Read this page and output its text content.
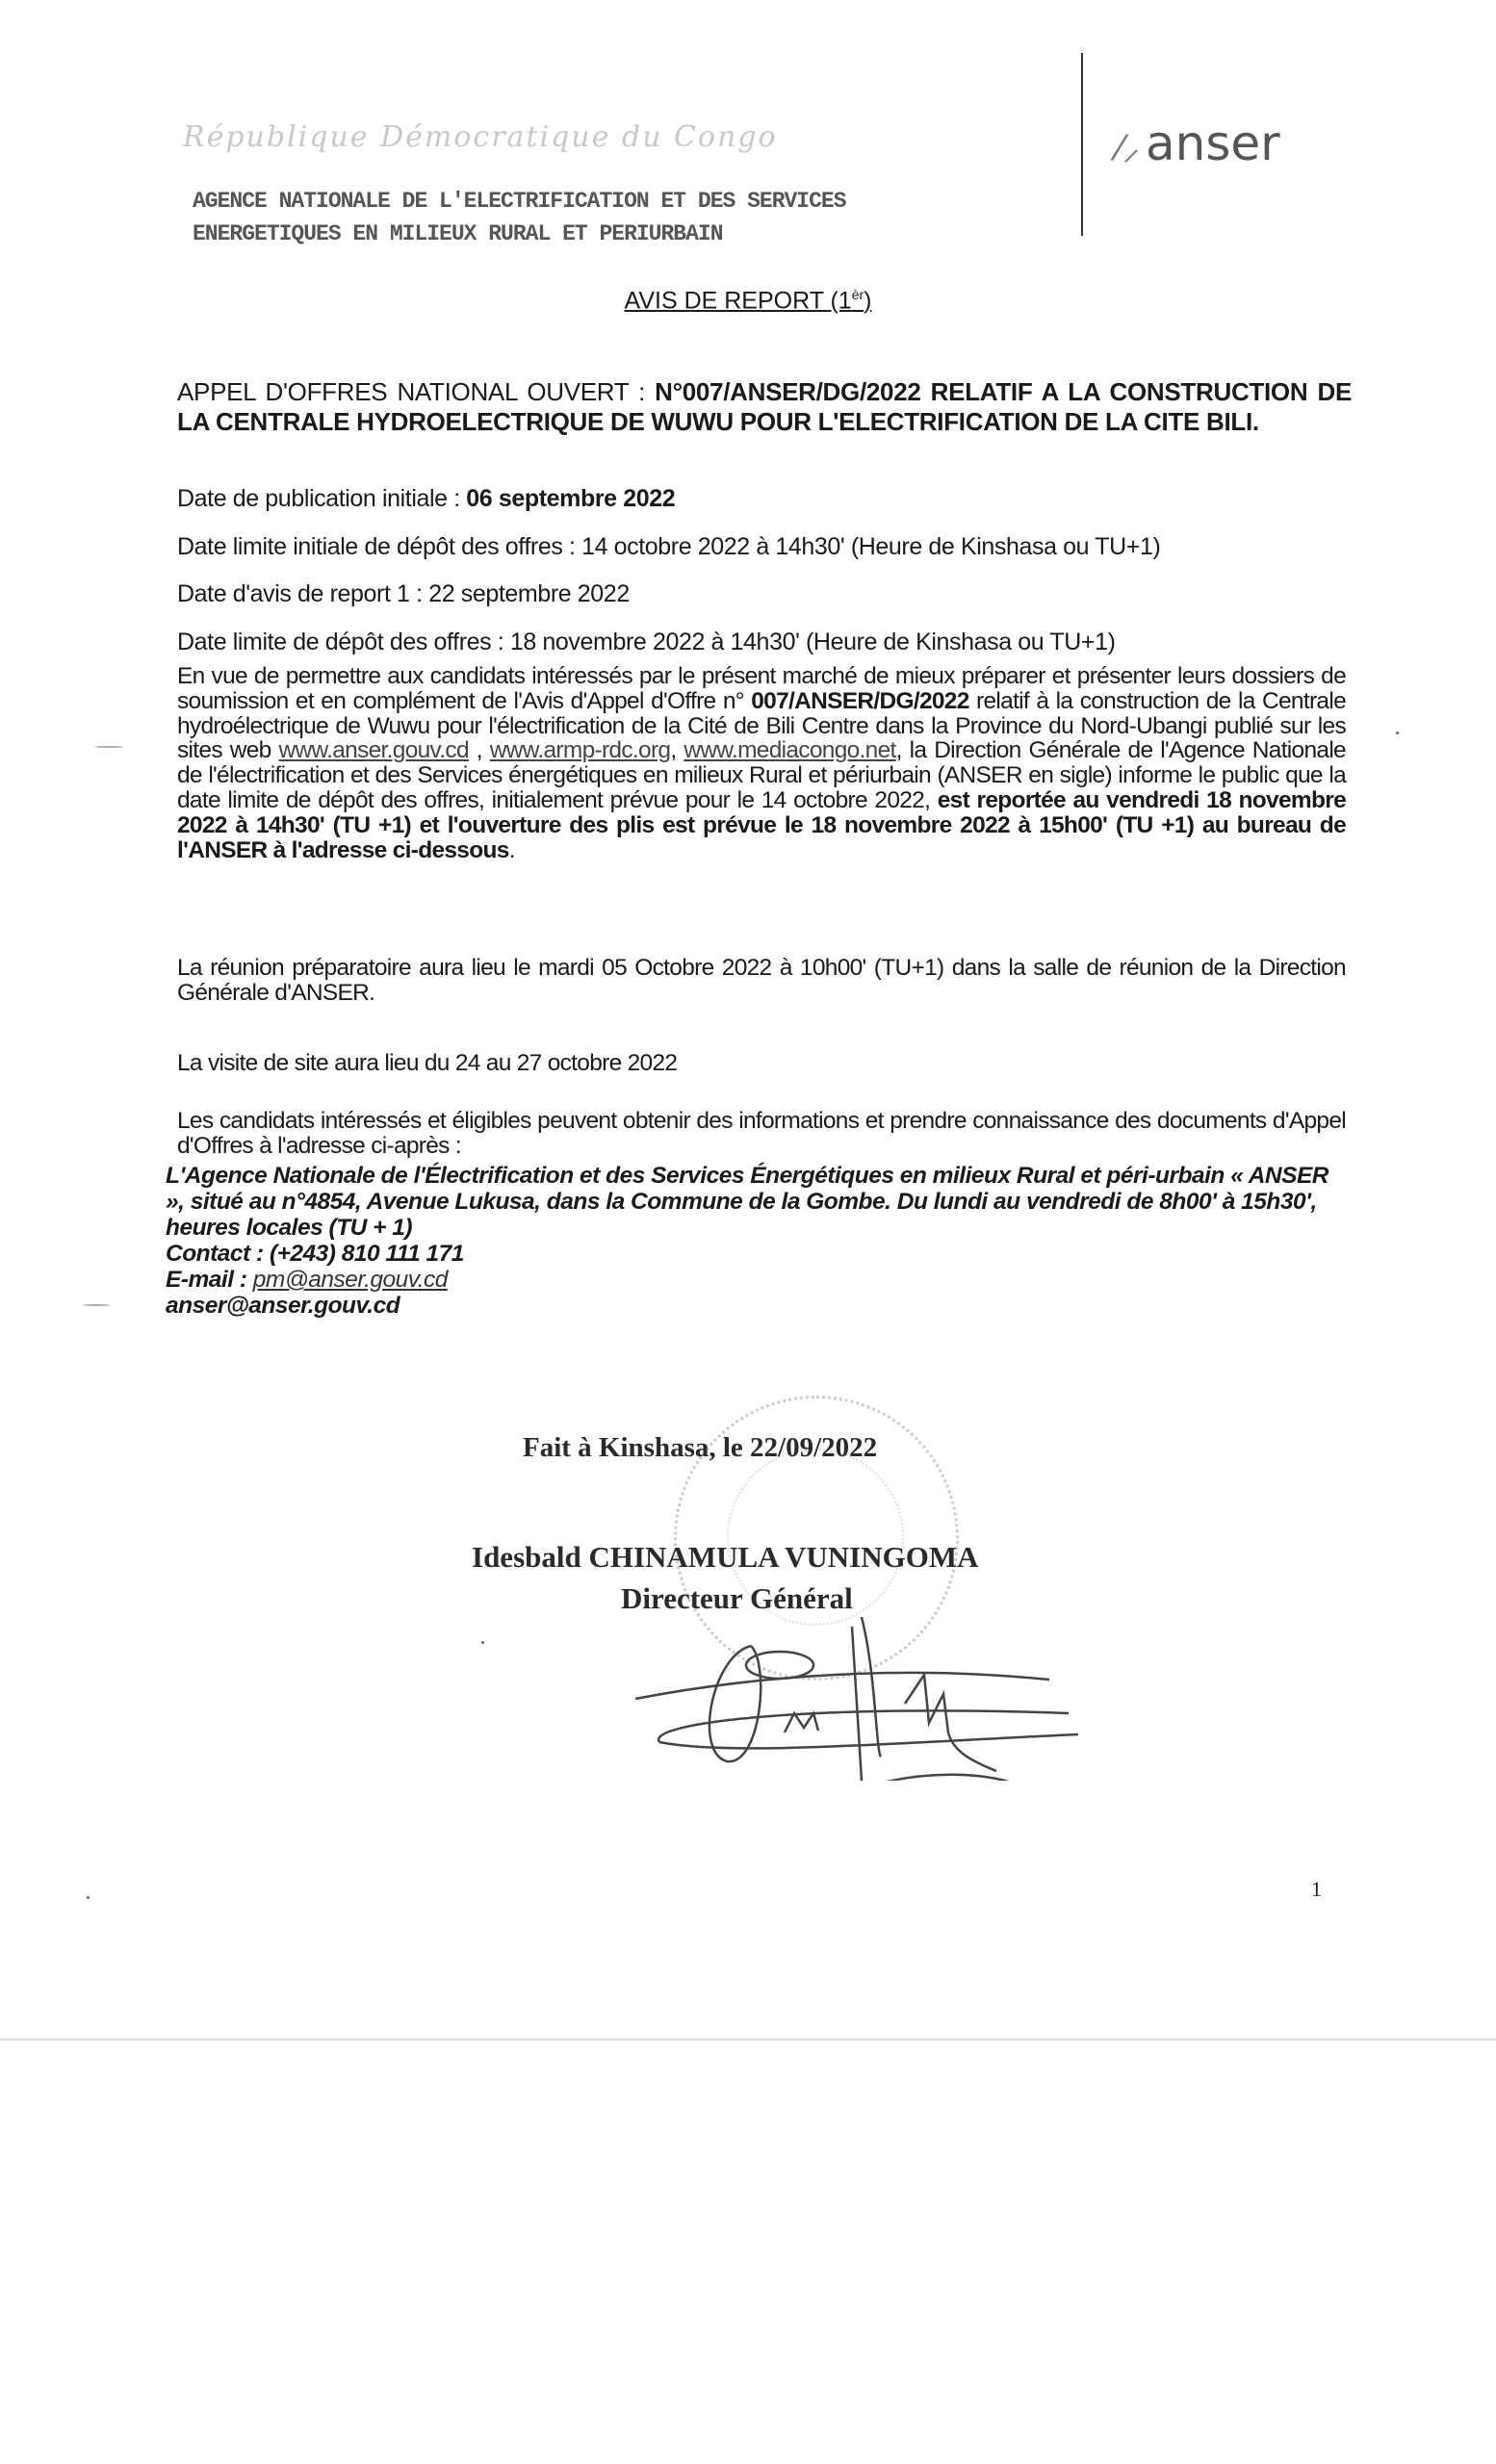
République Démocratique du Congo
AGENCE NATIONALE DE L'ELECTRIFICATION ET DES SERVICES
ENERGETIQUES EN MILIEUX RURAL ET PERIURBAIN
⁄⸝ anser
AVIS DE REPORT $(1^{èr})$
APPEL D'OFFRES NATIONAL OUVERT : N°007/ANSER/DG/2022 RELATIF A LA CONSTRUCTION DE LA CENTRALE HYDROELECTRIQUE DE WUWU POUR L'ELECTRIFICATION DE LA CITE BILI.
Date de publication initiale : 06 septembre 2022
Date limite initiale de dépôt des offres : 14 octobre 2022 à 14h30' (Heure de Kinshasa ou TU+1)
Date d'avis de report 1 : 22 septembre 2022
Date limite de dépôt des offres : 18 novembre 2022 à 14h30' (Heure de Kinshasa ou TU+1)
En vue de permettre aux candidats intéressés par le présent marché de mieux préparer et présenter leurs dossiers de soumission et en complément de l'Avis d'Appel d'Offre n° 007/ANSER/DG/2022 relatif à la construction de la Centrale hydroélectrique de Wuwu pour l'électrification de la Cité de Bili Centre dans la Province du Nord-Ubangi publié sur les sites web www.anser.gouv.cd , www.armp-rdc.org, www.mediacongo.net, la Direction Générale de l'Agence Nationale de l'électrification et des Services énergétiques en milieux Rural et périurbain (ANSER en sigle) informe le public que la date limite de dépôt des offres, initialement prévue pour le 14 octobre 2022, est reportée au vendredi 18 novembre 2022 à 14h30' (TU +1) et l'ouverture des plis est prévue le 18 novembre 2022 à 15h00' (TU +1) au bureau de l'ANSER à l'adresse ci-dessous.
La réunion préparatoire aura lieu le mardi 05 Octobre 2022 à 10h00' (TU+1) dans la salle de réunion de la Direction Générale d'ANSER.
La visite de site aura lieu du 24 au 27 octobre 2022
Les candidats intéressés et éligibles peuvent obtenir des informations et prendre connaissance des documents d'Appel d'Offres à l'adresse ci-après :
L'Agence Nationale de l'Électrification et des Services Énergétiques en milieux Rural et péri-urbain « ANSER », situé au n°4854, Avenue Lukusa, dans la Commune de la Gombe. Du lundi au vendredi de 8h00' à 15h30', heures locales (TU + 1)
Contact : (+243) 810 111 171
E-mail : pm@anser.gouv.cd
anser@anser.gouv.cd
Fait à Kinshasa, le 22/09/2022
Idesbald CHINAMULA VUNINGOMA
Directeur Général
1
